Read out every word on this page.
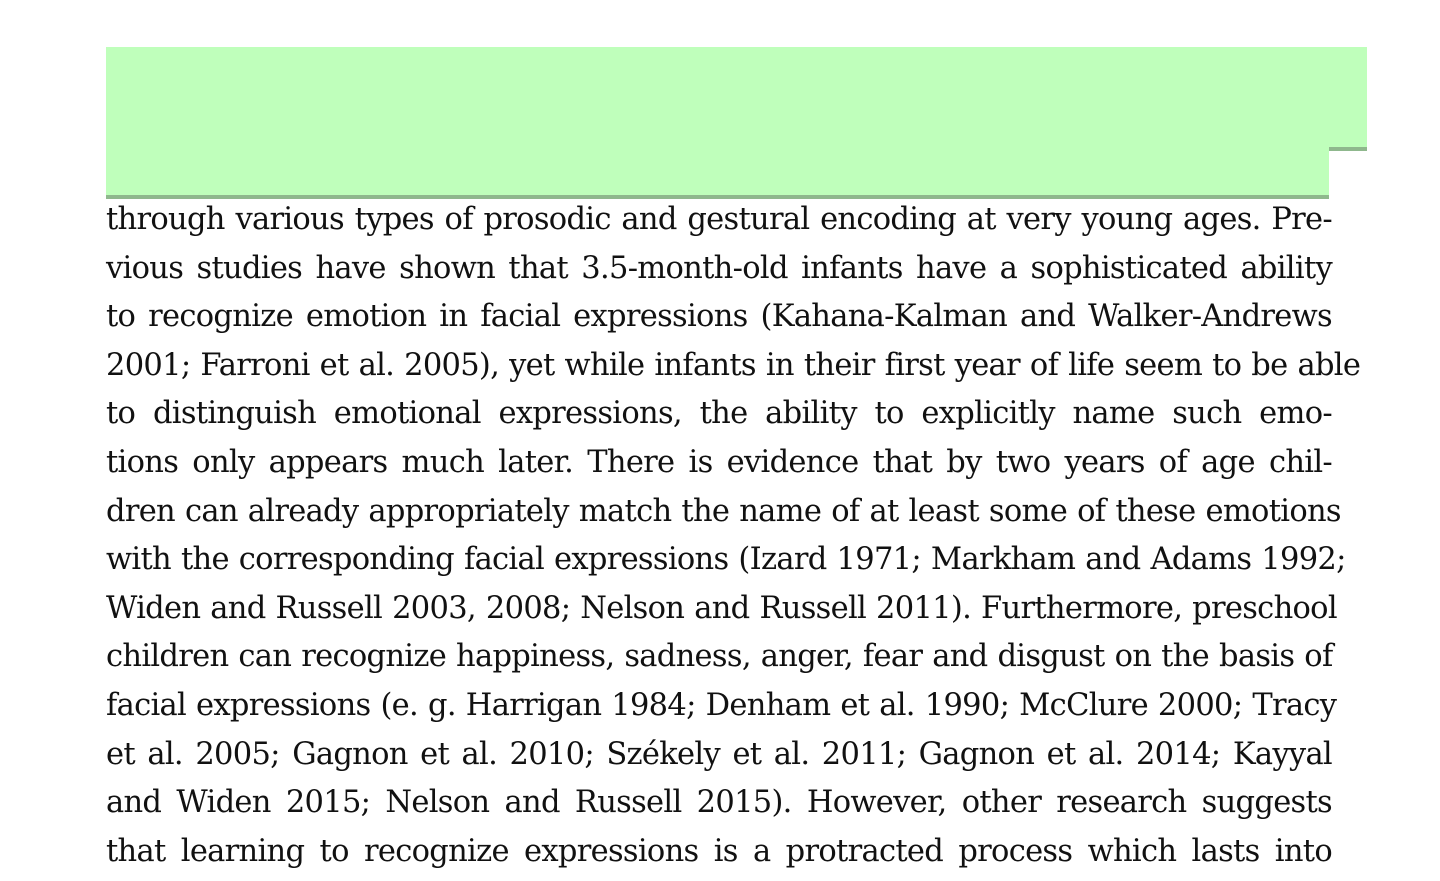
through various types of prosodic and gestural encoding at very young ages. Pre-
vious studies have shown that 3.5-month-old infants have a sophisticated ability
to recognize emotion in facial expressions (Kahana-Kalman and Walker-Andrews
2001; Farroni et al. 2005), yet while infants in their first year of life seem to be able
to distinguish emotional expressions, the ability to explicitly name such emo-
tions only appears much later. There is evidence that by two years of age chil-
dren can already appropriately match the name of at least some of these emotions
with the corresponding facial expressions (Izard 1971; Markham and Adams 1992;
Widen and Russell 2003, 2008; Nelson and Russell 2011). Furthermore, preschool
children can recognize happiness, sadness, anger, fear and disgust on the basis of
facial expressions (e. g. Harrigan 1984; Denham et al. 1990; McClure 2000; Tracy
et al. 2005; Gagnon et al. 2010; Székely et al. 2011; Gagnon et al. 2014; Kayyal
and Widen 2015; Nelson and Russell 2015). However, other research suggests
that learning to recognize expressions is a protracted process which lasts into
